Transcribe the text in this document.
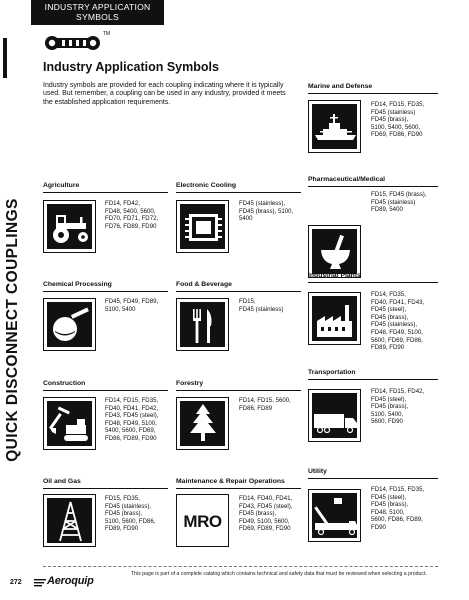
INDUSTRY APPLICATION
SYMBOLS
QUICK DISCONNECT COUPLINGS
TM
Industry Application Symbols
Industry symbols are provided for each coupling indicating where it is typically used. But remember, a coupling can be used in any industry, provided it meets the established application requirements.
Marine and Defense
FD14, FD15, FD35,
FD45 (stainless)
FD45 (brass),
5100, 5400, 5600,
FD69, FD86, FD90
Pharmaceutical/Medical
FD15, FD45 (brass),
FD45 (stainless)
FD89, 5400
Industrial Plants
FD14, FD35,
FD40, FD41, FD43,
FD45 (steel),
FD45 (brass),
FD45 (stainless),
FD48, FD49, 5100,
5600, FD69, FD86,
FD89, FD90
Transportation
FD14, FD15, FD42,
FD45 (steel),
FD45 (brass),
5100, 5400,
5600, FD90
Utility
FD14, FD15, FD35,
FD45 (steel),
FD45 (brass),
FD48, 5100,
5600, FD86, FD89,
FD90
Agriculture
FD14, FD42,
FD48, 5400, 5600,
FD70, FD71, FD72,
FD76, FD89, FD90
Electronic Cooling
FD45 (stainless),
FD45 (brass), 5100,
5400
Chemical Processing
FD45, FD49, FD89,
5100, 5400
Food & Beverage
FD15,
FD45 (stainless)
Construction
FD14, FD15, FD35,
FD40, FD41, FD42,
FD43, FD45 (steel),
FD48, FD49, 5100,
5400, 5600, FD69,
FD86, FD89, FD90
Forestry
FD14, FD15, 5600,
FD86, FD89
Oil and Gas
FD15, FD35,
FD45 (stainless),
FD45 (brass),
5100, 5600, FD86,
FD89, FD90
Maintenance & Repair Operations
MRO
FD14, FD40, FD41,
FD43, FD45 (steel),
FD45 (brass),
FD49, 5100, 5600,
FD69, FD89, FD90
272 Aeroquip
This page is part of a complete catalog which contains technical and safety data that must be reviewed when selecting a product.
